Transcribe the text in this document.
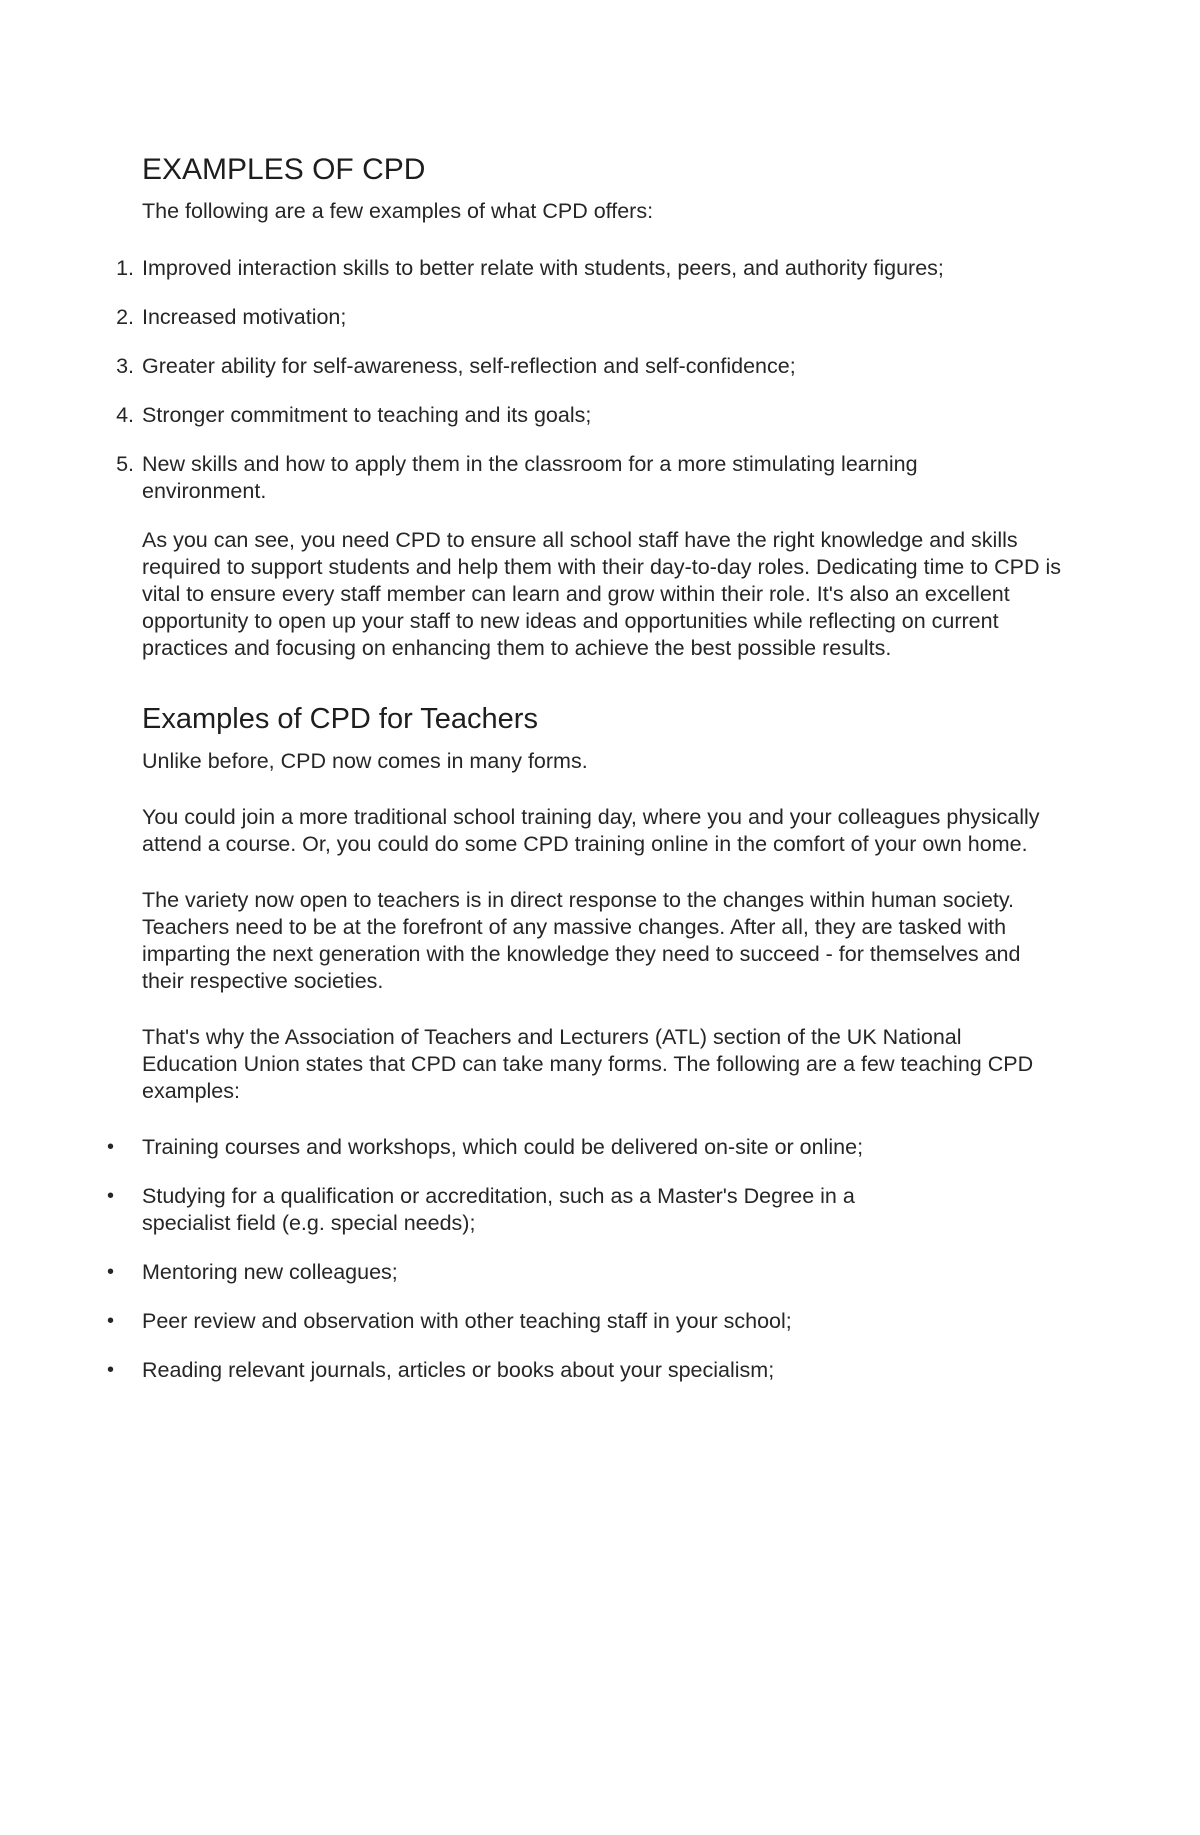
EXAMPLES OF CPD

The following are a few examples of what CPD offers:

1. Improved interaction skills to better relate with students, peers, and authority figures;
2. Increased motivation;
3. Greater ability for self-awareness, self-reflection and self-confidence;
4. Stronger commitment to teaching and its goals;
5. New skills and how to apply them in the classroom for a more stimulating learning environment.

As you can see, you need CPD to ensure all school staff have the right knowledge and skills required to support students and help them with their day-to-day roles. Dedicating time to CPD is vital to ensure every staff member can learn and grow within their role. It's also an excellent opportunity to open up your staff to new ideas and opportunities while reflecting on current practices and focusing on enhancing them to achieve the best possible results.

Examples of CPD for Teachers

Unlike before, CPD now comes in many forms.

You could join a more traditional school training day, where you and your colleagues physically attend a course. Or, you could do some CPD training online in the comfort of your own home.

The variety now open to teachers is in direct response to the changes within human society. Teachers need to be at the forefront of any massive changes. After all, they are tasked with imparting the next generation with the knowledge they need to succeed - for themselves and their respective societies.

That's why the Association of Teachers and Lecturers (ATL) section of the UK National Education Union states that CPD can take many forms. The following are a few teaching CPD examples:

• Training courses and workshops, which could be delivered on-site or online;
• Studying for a qualification or accreditation, such as a Master's Degree in a specialist field (e.g. special needs);
• Mentoring new colleagues;
• Peer review and observation with other teaching staff in your school;
• Reading relevant journals, articles or books about your specialism;
